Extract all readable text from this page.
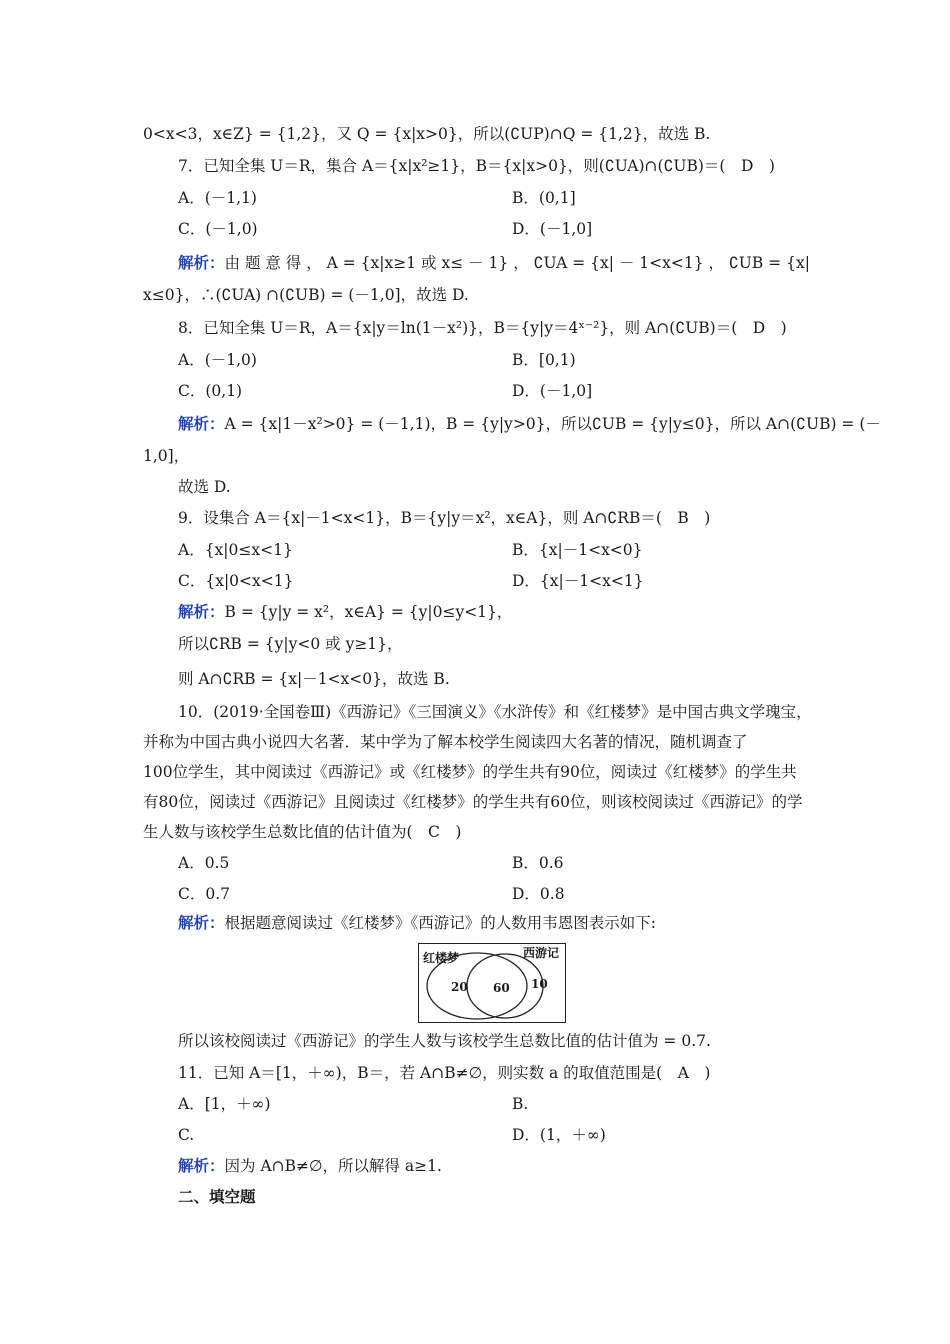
0<x<3，x∈Z} = {1,2}，又 Q = {x|x>0}，所以(∁UP)∩Q = {1,2}，故选 B.
7．已知全集 U＝R，集合 A＝{x|x²≥1}，B＝{x|x>0}，则(∁UA)∩(∁UB)＝(　D　)
A．(－1,1)	B．(0,1]
C．(－1,0)	D．(－1,0]
解析：由 题 意 得 ， A = {x|x≥1 或 x≤ － 1} ， ∁UA = {x| － 1<x<1} ， ∁UB = {x|
x≤0}，∴(∁UA) ∩(∁UB) = (－1,0]，故选 D.
8．已知全集 U＝R，A＝{x|y＝ln(1－x²)}，B＝{y|y＝4ˣ⁻²}，则 A∩(∁UB)＝(　D　)
A．(－1,0)	B．[0,1)
C．(0,1)	D．(－1,0]
解析：A = {x|1－x²>0} = (－1,1)，B = {y|y>0}，所以∁UB = {y|y≤0}，所以 A∩(∁UB) = (－
1,0]，
故选 D.
9．设集合 A＝{x|－1<x<1}，B＝{y|y＝x²，x∈A}，则 A∩∁RB＝(　B　)
A．{x|0≤x<1}	B．{x|－1<x<0}
C．{x|0<x<1}	D．{x|－1<x<1}
解析：B = {y|y = x²，x∈A} = {y|0≤y<1}，
所以∁RB = {y|y<0 或 y≥1}，
则 A∩∁RB = {x|－1<x<0}，故选 B.
10．(2019·全国卷Ⅲ)《西游记》《三国演义》《水浒传》和《红楼梦》是中国古典文学瑰宝，
并称为中国古典小说四大名著．某中学为了解本校学生阅读四大名著的情况，随机调查了
100位学生，其中阅读过《西游记》或《红楼梦》的学生共有90位，阅读过《红楼梦》的学生共
有80位，阅读过《西游记》且阅读过《红楼梦》的学生共有60位，则该校阅读过《西游记》的学
生人数与该校学生总数比值的估计值为(　C　)
A．0.5	B．0.6
C．0.7	D．0.8
解析：根据题意阅读过《红楼梦》《西游记》的人数用韦恩图表示如下:
红楼梦	西游记
20 60 10
所以该校阅读过《西游记》的学生人数与该校学生总数比值的估计值为 = 0.7.
11．已知 A＝[1，＋∞)，B＝，若 A∩B≠∅，则实数 a 的取值范围是(　A　)
A．[1，＋∞)	B.
C.	D．(1，＋∞)
解析：因为 A∩B≠∅，所以解得 a≥1.
二、填空题
